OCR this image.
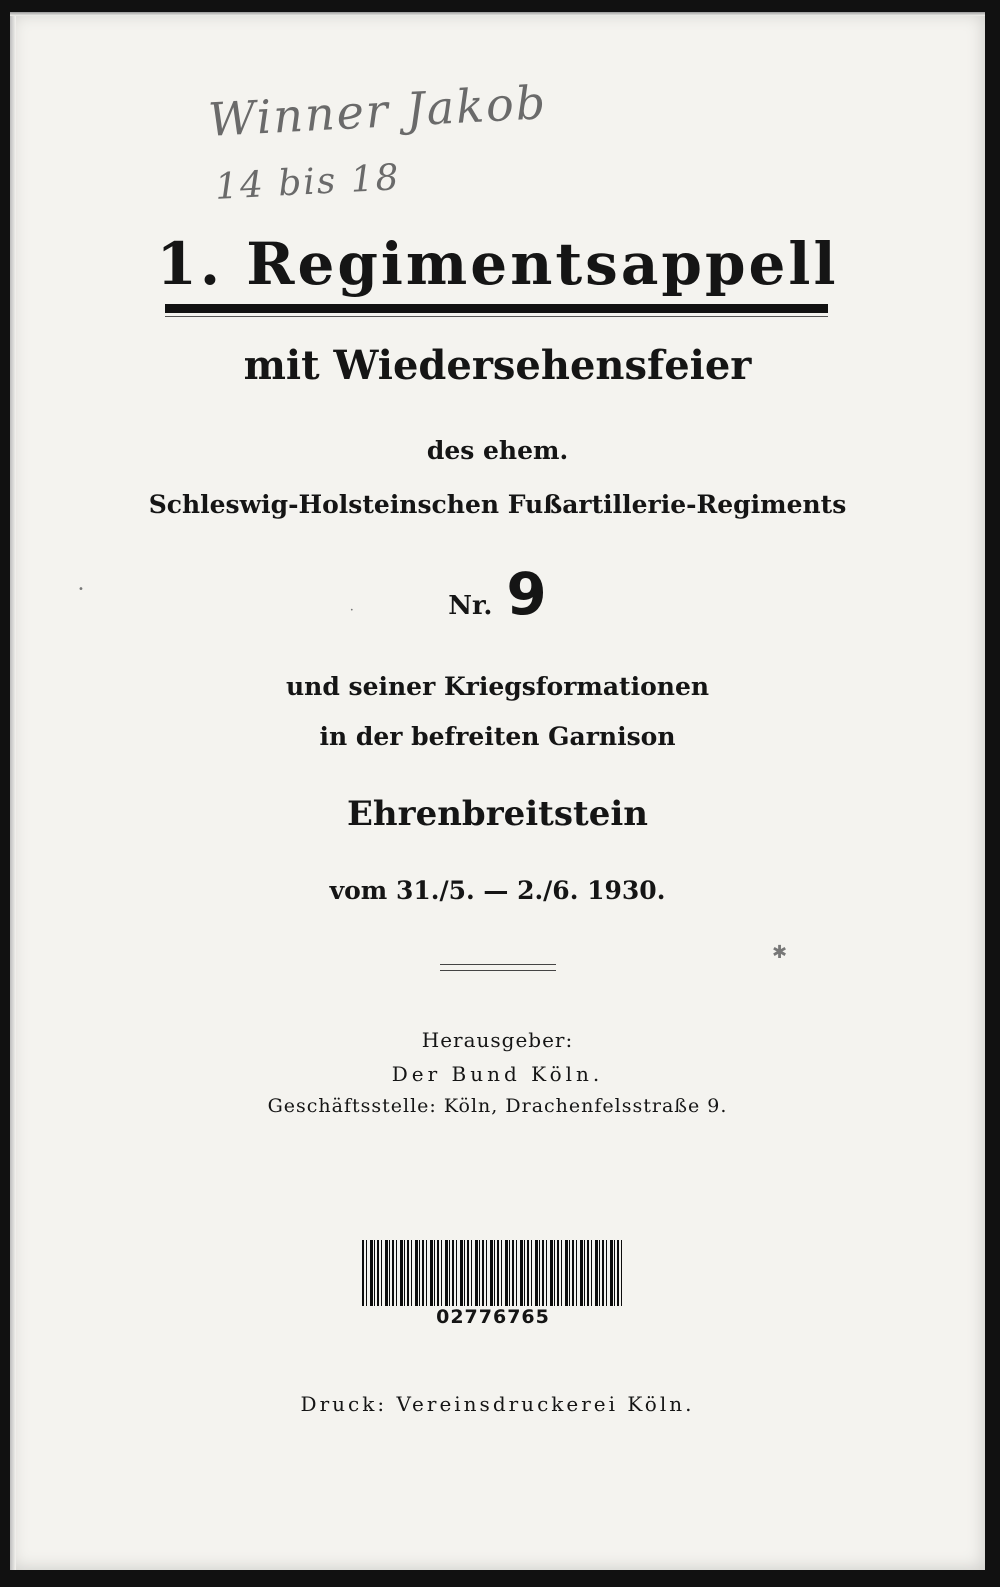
Winner Jakob
14 bis 18
1. Regimentsappell
mit Wiedersehensfeier
des ehem.
Schleswig-Holsteinschen Fußartillerie-Regiments
Nr. 9
und seiner Kriegsformationen
in der befreiten Garnison
Ehrenbreitstein
vom 31./5. — 2./6. 1930.
Herausgeber:
Der Bund Köln.
Geschäftsstelle: Köln, Drachenfelsstraße 9.
02776765
Druck: Vereinsdruckerei Köln.
•
✱
•
